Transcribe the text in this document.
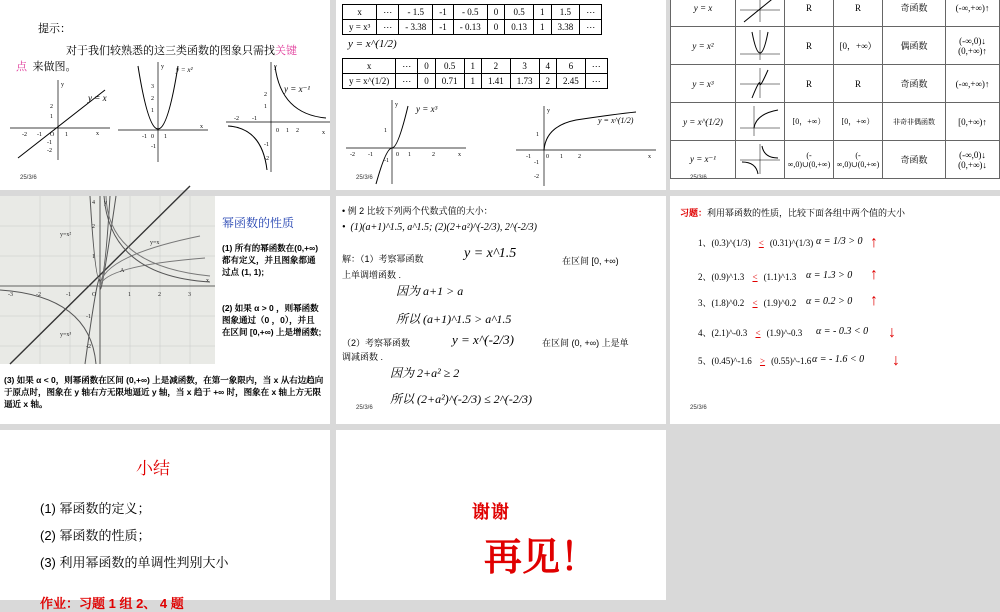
提示：
对于我们较熟悉的这三类函数的图象只需找关键
点 来做图。
x
y
O 1
-1
-2
2
1
-1
-2
y = x
x
y
0 1
-1
1
2
3
-1
y = x²
x
y
0 1 2
-2 -1
1
2
-1
-2
y = x⁻¹
25/3/6
x	⋯	- 1.5	-1	- 0.5	0	0.5	1	1.5	⋯
y = x³	⋯	- 3.38	-1	- 0.13	0	0.13	1	3.38	⋯
y = x^(1/2)
x	⋯	0	0.5	1	2	3	4	6	⋯
y = x^(1/2)	⋯	0	0.71	1	1.41	1.73	2	2.45	⋯
x
y
-2 -1	0 1	2
1
-1
y = x³
x
y
-1	0 1	2
1
-1
-2
y = x^(1/2)
25/3/6
y = x		R	R	奇函数	(-∞,+∞)↑
y = x²		R	[0，+∞）	偶函数	(-∞,0)↓ (0,+∞)↑
y = x³		R	R	奇函数	(-∞,+∞)↑
y = x^(1/2)		[0，+∞）	[0，+∞）	非奇非偶函数	[0,+∞)↑
y = x⁻¹		(-∞,0)∪(0,+∞)	(-∞,0)∪(0,+∞)	奇函数	(-∞,0)↓ (0,+∞)↓
25/3/6
-3	-2	-1	O	1	2	3
2
1
-1
-2
y
x
4
A
y=x
y=x²
y=x³
幂函数的性质
(1) 所有的幂函数在(0,+∞) 都有定义，并且图象都通过点 (1, 1);
(2) 如果 α > 0 ，则幂函数图象通过（0 ，0），并且在区间 [0,+∞) 上是增函数;
(3) 如果 α < 0，则幂函数在区间 (0,+∞) 上是减函数，在第一象限内，当 x 从右边趋向于原点时，图象在 y 轴右方无限地逼近 y 轴，当 x 趋于 +∞ 时，图象在 x 轴上方无限逼近 x 轴。
• 例 2 比较下列两个代数式值的大小：
•  (1)(a+1)^1.5, a^1.5; (2)(2+a²)^(-2/3), 2^(-2/3)
解：（1）考察幂函数	y = x^1.5	在区间 [0, +∞)
上单调增函数 .
因为 a+1 > a
所以 (a+1)^1.5 > a^1.5
（2）考察幂函数	y = x^(-2/3)	在区间 (0, +∞) 上是单
调减函数 .
因为 2+a² ≥ 2
所以 (2+a²)^(-2/3) ≤ 2^(-2/3)
25/3/6
习题：利用幂函数的性质，比较下面各组中两个值的大小
1、(0.3)^(1/3) < (0.31)^(1/3) α = 1/3 > 0 ↑
2、(0.9)^1.3 < (1.1)^1.3 α = 1.3 > 0 ↑
3、(1.8)^0.2 < (1.9)^0.2 α = 0.2 > 0 ↑
4、(2.1)^-0.3 < (1.9)^-0.3 α = - 0.3 < 0 ↓
5、(0.45)^-1.6 > (0.55)^-1.6 α = - 1.6 < 0 ↓
25/3/6
小结
(1) 幂函数的定义；
(2) 幂函数的性质；
(3) 利用幂函数的单调性判别大小
作业：习题 1 组 2、 4 题
谢谢
再见！
